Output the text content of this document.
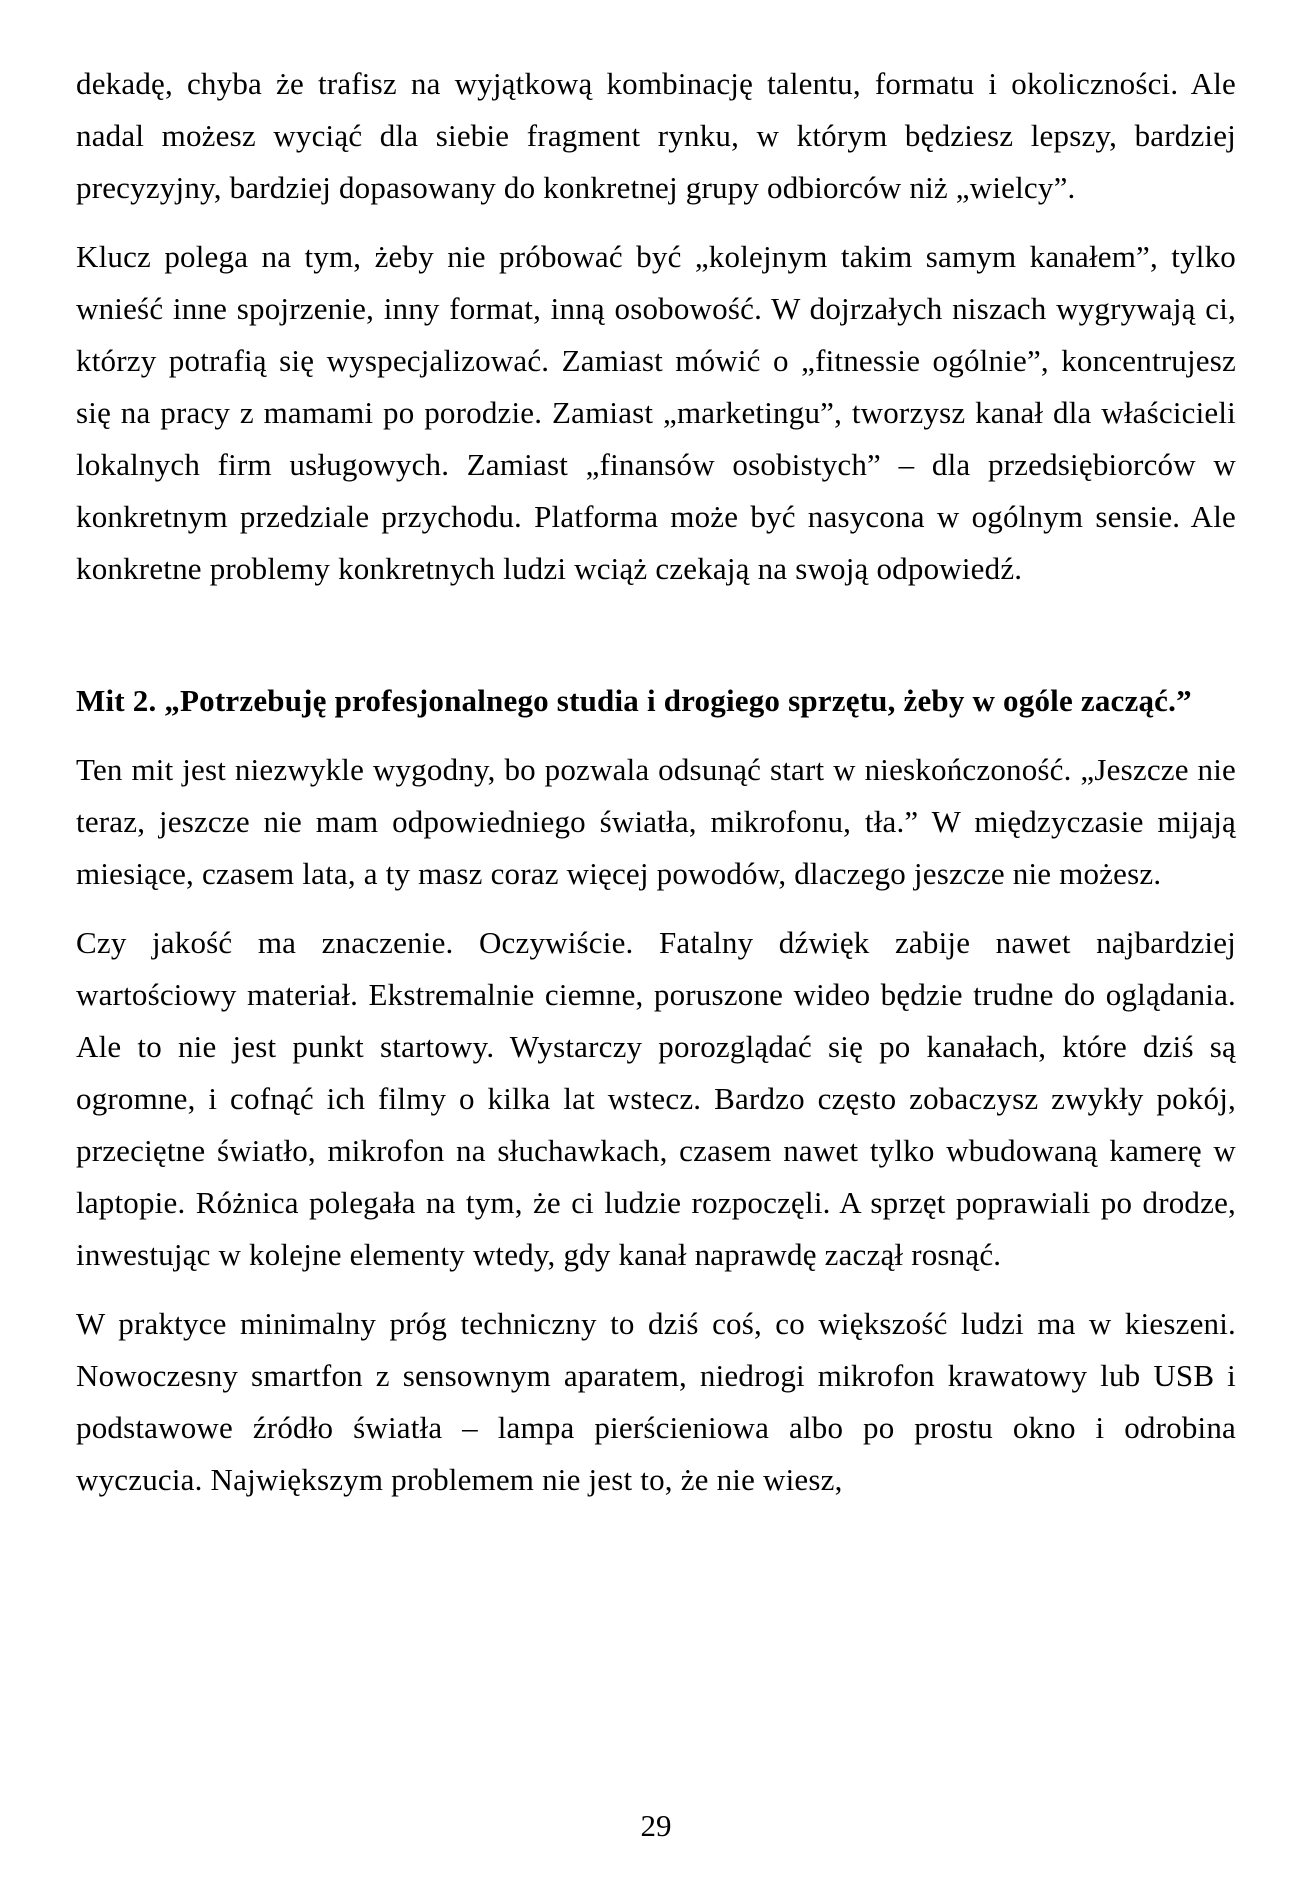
dekadę, chyba że trafisz na wyjątkową kombinację talentu, formatu i okoliczności. Ale nadal możesz wyciąć dla siebie fragment rynku, w którym będziesz lepszy, bardziej precyzyjny, bardziej dopasowany do konkretnej grupy odbiorców niż „wielcy”.

Klucz polega na tym, żeby nie próbować być „kolejnym takim samym kanałem”, tylko wnieść inne spojrzenie, inny format, inną osobowość. W dojrzałych niszach wygrywają ci, którzy potrafią się wyspecjalizować. Zamiast mówić o „fitnessie ogólnie”, koncentrujesz się na pracy z mamami po porodzie. Zamiast „marketingu”, tworzysz kanał dla właścicieli lokalnych firm usługowych. Zamiast „finansów osobistych” – dla przedsiębiorców w konkretnym przedziale przychodu. Platforma może być nasycona w ogólnym sensie. Ale konkretne problemy konkretnych ludzi wciąż czekają na swoją odpowiedź.

Mit 2. „Potrzebuję profesjonalnego studia i drogiego sprzętu, żeby w ogóle zacząć.”

Ten mit jest niezwykle wygodny, bo pozwala odsunąć start w nieskończoność. „Jeszcze nie teraz, jeszcze nie mam odpowiedniego światła, mikrofonu, tła.” W międzyczasie mijają miesiące, czasem lata, a ty masz coraz więcej powodów, dlaczego jeszcze nie możesz.

Czy jakość ma znaczenie. Oczywiście. Fatalny dźwięk zabije nawet najbardziej wartościowy materiał. Ekstremalnie ciemne, poruszone wideo będzie trudne do oglądania. Ale to nie jest punkt startowy. Wystarczy porozglądać się po kanałach, które dziś są ogromne, i cofnąć ich filmy o kilka lat wstecz. Bardzo często zobaczysz zwykły pokój, przeciętne światło, mikrofon na słuchawkach, czasem nawet tylko wbudowaną kamerę w laptopie. Różnica polegała na tym, że ci ludzie rozpoczęli. A sprzęt poprawiali po drodze, inwestując w kolejne elementy wtedy, gdy kanał naprawdę zaczął rosnąć.

W praktyce minimalny próg techniczny to dziś coś, co większość ludzi ma w kieszeni. Nowoczesny smartfon z sensownym aparatem, niedrogi mikrofon krawatowy lub USB i podstawowe źródło światła – lampa pierścieniowa albo po prostu okno i odrobina wyczucia. Największym problemem nie jest to, że nie wiesz,

29
